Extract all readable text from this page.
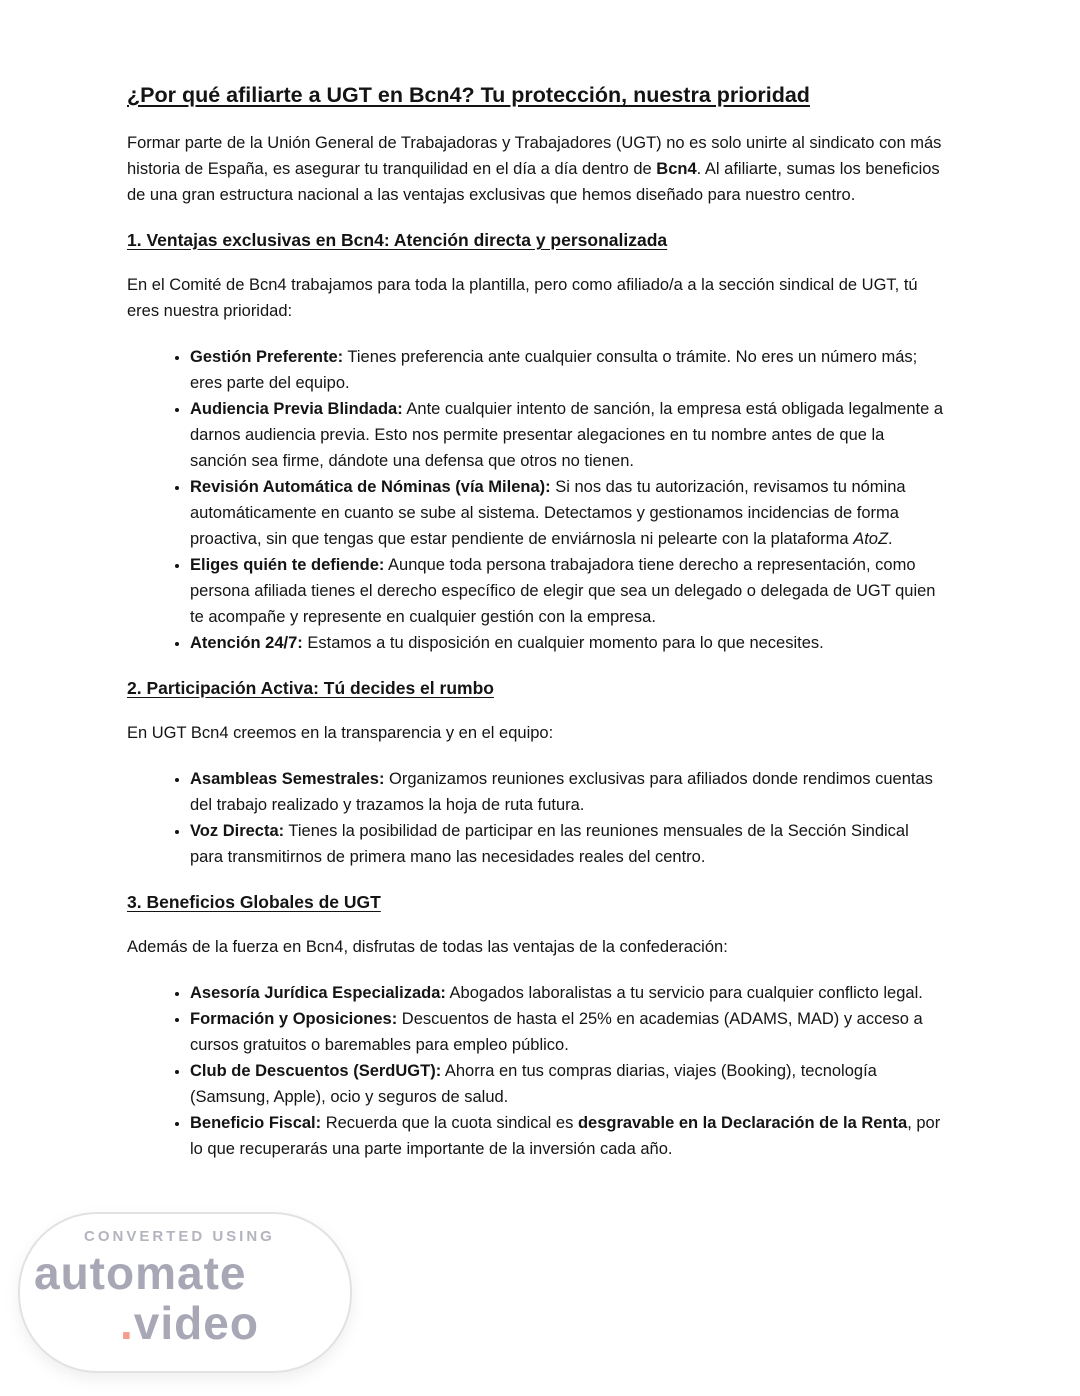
¿Por qué afiliarte a UGT en Bcn4? Tu protección, nuestra prioridad

Formar parte de la Unión General de Trabajadoras y Trabajadores (UGT) no es solo unirte al sindicato con más historia de España, es asegurar tu tranquilidad en el día a día dentro de Bcn4. Al afiliarte, sumas los beneficios de una gran estructura nacional a las ventajas exclusivas que hemos diseñado para nuestro centro.

1. Ventajas exclusivas en Bcn4: Atención directa y personalizada

En el Comité de Bcn4 trabajamos para toda la plantilla, pero como afiliado/a a la sección sindical de UGT, tú eres nuestra prioridad:

• Gestión Preferente: Tienes preferencia ante cualquier consulta o trámite. No eres un número más; eres parte del equipo.
• Audiencia Previa Blindada: Ante cualquier intento de sanción, la empresa está obligada legalmente a darnos audiencia previa. Esto nos permite presentar alegaciones en tu nombre antes de que la sanción sea firme, dándote una defensa que otros no tienen.
• Revisión Automática de Nóminas (vía Milena): Si nos das tu autorización, revisamos tu nómina automáticamente en cuanto se sube al sistema. Detectamos y gestionamos incidencias de forma proactiva, sin que tengas que estar pendiente de enviárnosla ni pelearte con la plataforma AtoZ.
• Eliges quién te defiende: Aunque toda persona trabajadora tiene derecho a representación, como persona afiliada tienes el derecho específico de elegir que sea un delegado o delegada de UGT quien te acompañe y represente en cualquier gestión con la empresa.
• Atención 24/7: Estamos a tu disposición en cualquier momento para lo que necesites.
2. Participación Activa: Tú decides el rumbo

En UGT Bcn4 creemos en la transparencia y en el equipo:

• Asambleas Semestrales: Organizamos reuniones exclusivas para afiliados donde rendimos cuentas del trabajo realizado y trazamos la hoja de ruta futura.
• Voz Directa: Tienes la posibilidad de participar en las reuniones mensuales de la Sección Sindical para transmitirnos de primera mano las necesidades reales del centro.
3. Beneficios Globales de UGT

Además de la fuerza en Bcn4, disfrutas de todas las ventajas de la confederación:

• Asesoría Jurídica Especializada: Abogados laboralistas a tu servicio para cualquier conflicto legal.
• Formación y Oposiciones: Descuentos de hasta el 25% en academias (ADAMS, MAD) y acceso a cursos gratuitos o baremables para empleo público.
• Club de Descuentos (SerdUGT): Ahorra en tus compras diarias, viajes (Booking), tecnología (Samsung, Apple), ocio y seguros de salud.
• Beneficio Fiscal: Recuerda que la cuota sindical es desgravable en la Declaración de la Renta, por lo que recuperarás una parte importante de la inversión cada año.
CONVERTED USING
automate
.video
